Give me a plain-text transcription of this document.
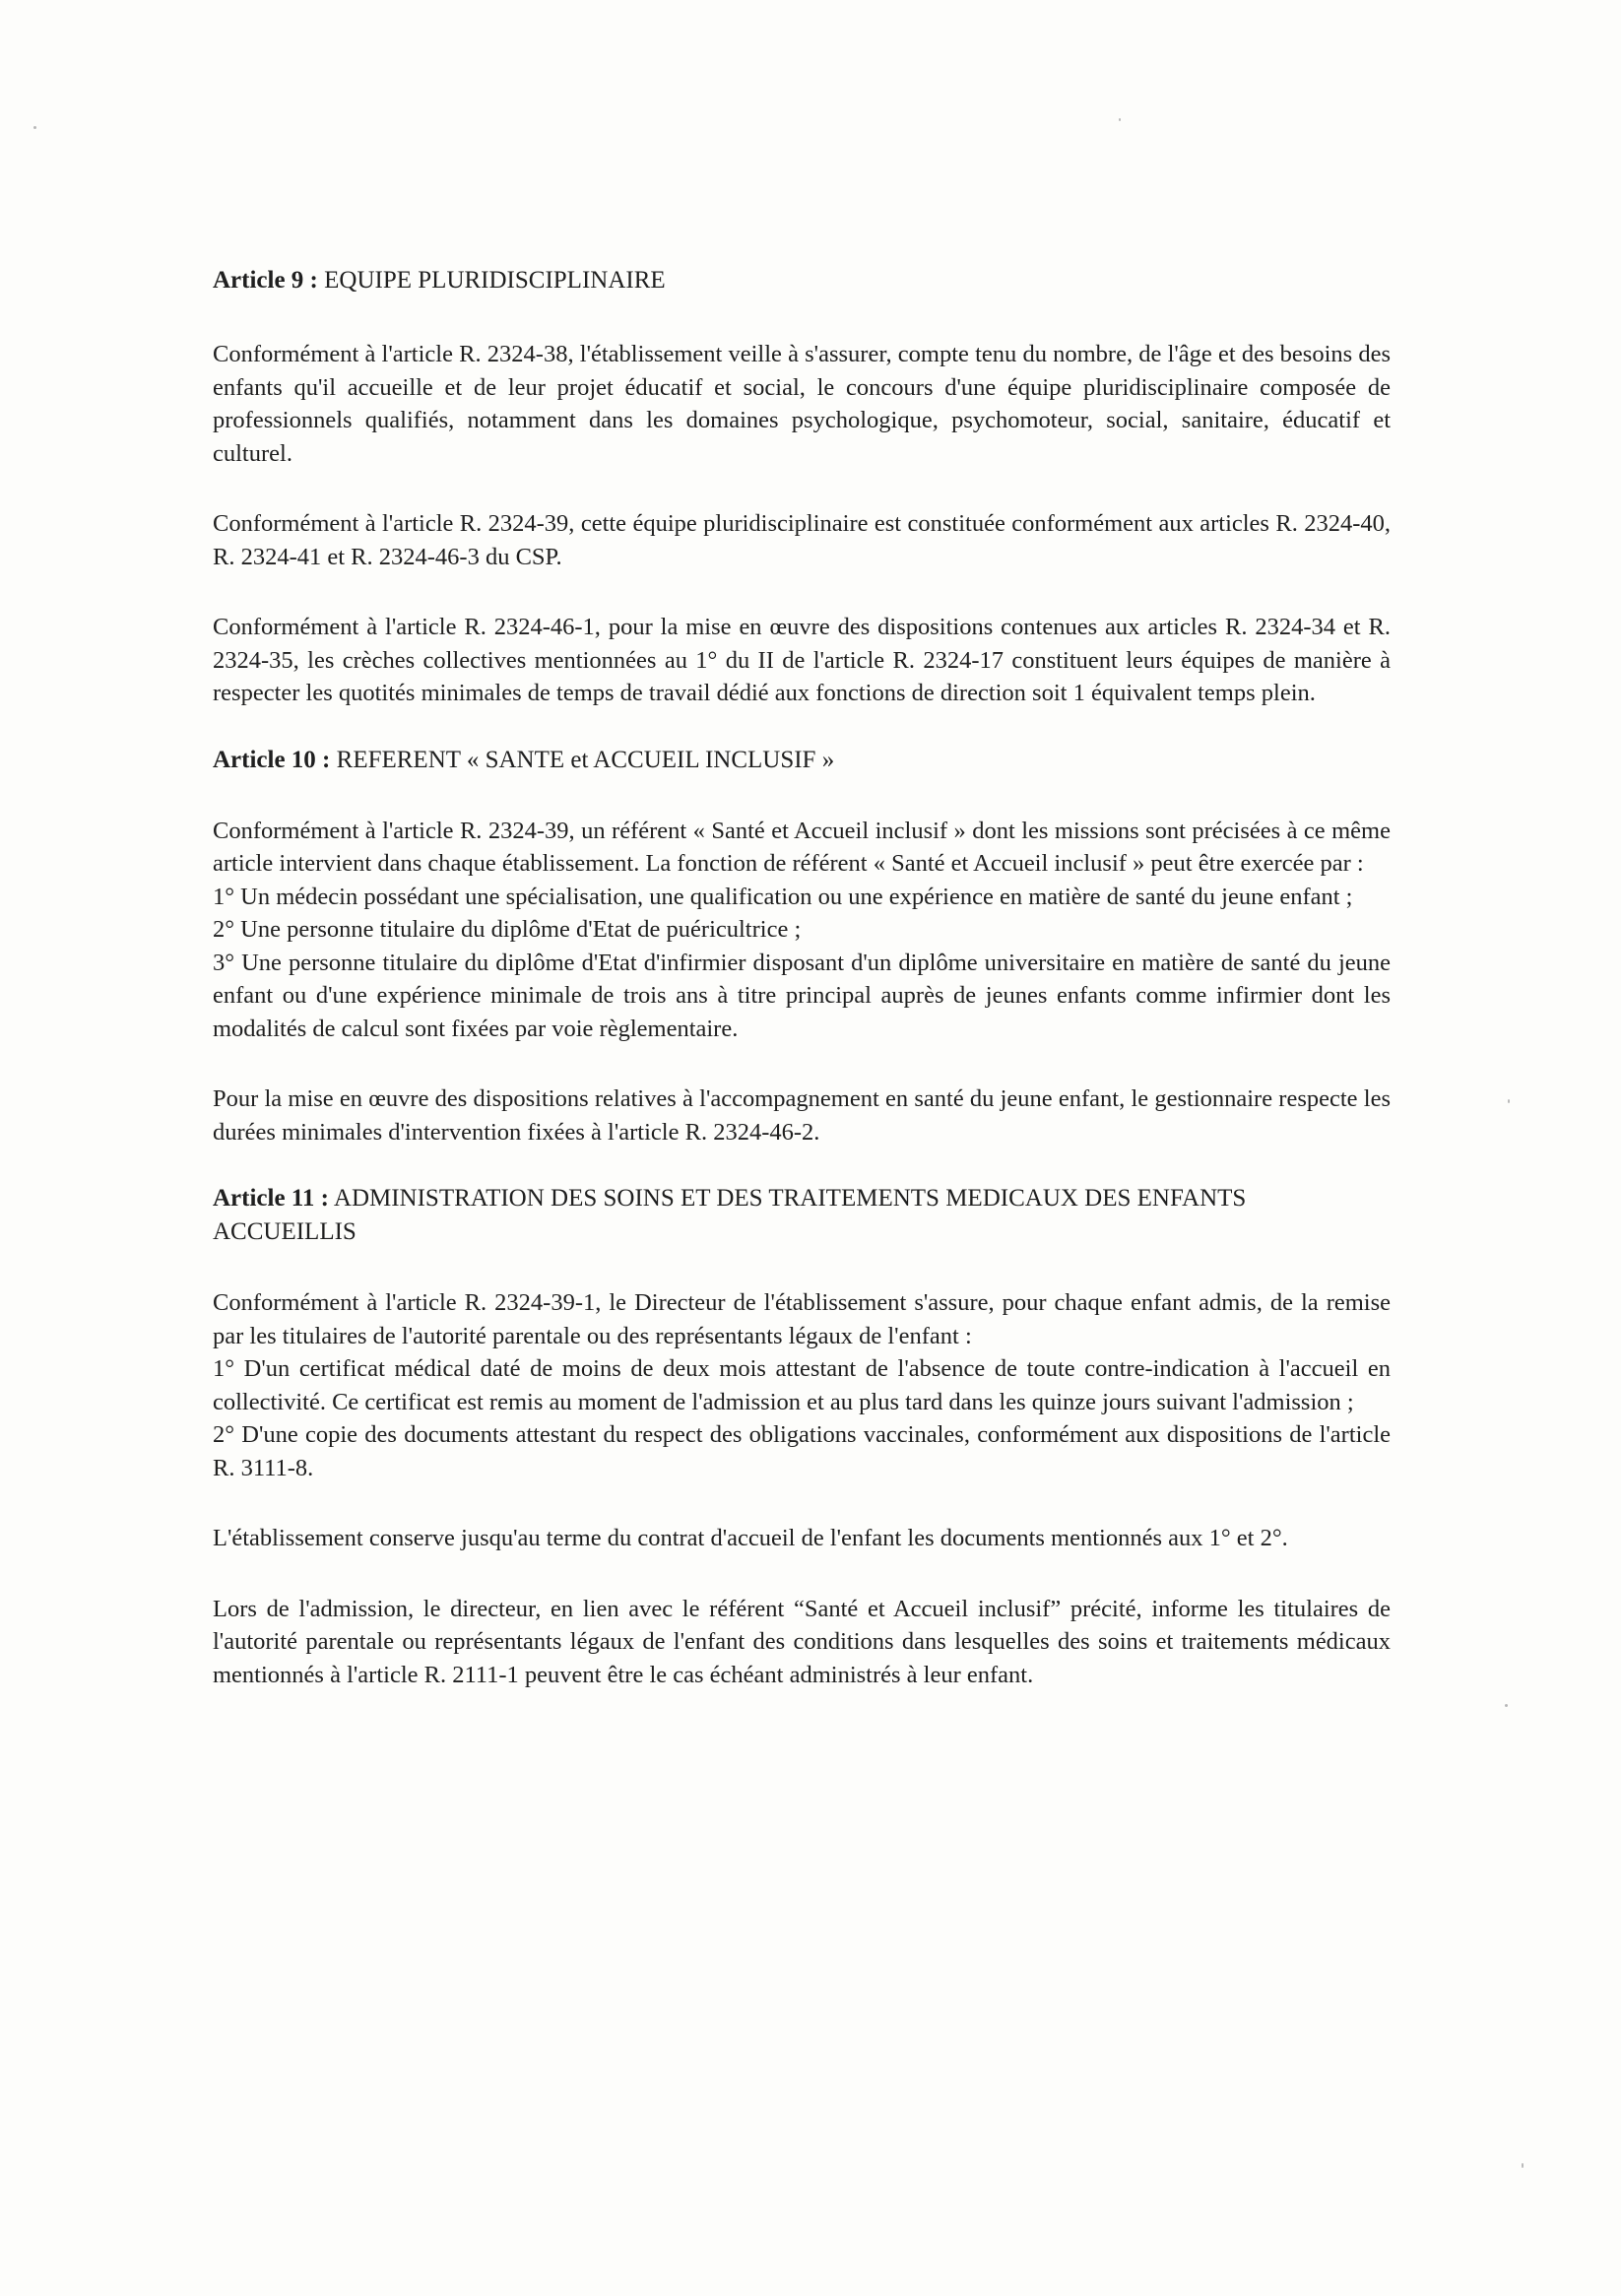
Article 9 : EQUIPE PLURIDISCIPLINAIRE

Conformément à l'article R. 2324-38, l'établissement veille à s'assurer, compte tenu du nombre, de l'âge et des besoins des enfants qu'il accueille et de leur projet éducatif et social, le concours d'une équipe pluridisciplinaire composée de professionnels qualifiés, notamment dans les domaines psychologique, psychomoteur, social, sanitaire, éducatif et culturel.

Conformément à l'article R. 2324-39, cette équipe pluridisciplinaire est constituée conformément aux articles R. 2324-40, R. 2324-41 et R. 2324-46-3 du CSP.

Conformément à l'article R. 2324-46-1, pour la mise en œuvre des dispositions contenues aux articles R. 2324-34 et R. 2324-35, les crèches collectives mentionnées au 1° du II de l'article R. 2324-17 constituent leurs équipes de manière à respecter les quotités minimales de temps de travail dédié aux fonctions de direction soit 1 équivalent temps plein.

Article 10 : REFERENT « SANTE et ACCUEIL INCLUSIF »

Conformément à l'article R. 2324-39, un référent « Santé et Accueil inclusif » dont les missions sont précisées à ce même article intervient dans chaque établissement. La fonction de référent « Santé et Accueil inclusif » peut être exercée par :

1° Un médecin possédant une spécialisation, une qualification ou une expérience en matière de santé du jeune enfant ;

2° Une personne titulaire du diplôme d'Etat de puéricultrice ;

3° Une personne titulaire du diplôme d'Etat d'infirmier disposant d'un diplôme universitaire en matière de santé du jeune enfant ou d'une expérience minimale de trois ans à titre principal auprès de jeunes enfants comme infirmier dont les modalités de calcul sont fixées par voie règlementaire.

Pour la mise en œuvre des dispositions relatives à l'accompagnement en santé du jeune enfant, le gestionnaire respecte les durées minimales d'intervention fixées à l'article R. 2324-46-2.

Article 11 : ADMINISTRATION DES SOINS ET DES TRAITEMENTS MEDICAUX DES ENFANTS ACCUEILLIS

Conformément à l'article R. 2324-39-1, le Directeur de l'établissement s'assure, pour chaque enfant admis, de la remise par les titulaires de l'autorité parentale ou des représentants légaux de l'enfant :

1° D'un certificat médical daté de moins de deux mois attestant de l'absence de toute contre-indication à l'accueil en collectivité. Ce certificat est remis au moment de l'admission et au plus tard dans les quinze jours suivant l'admission ;

2° D'une copie des documents attestant du respect des obligations vaccinales, conformément aux dispositions de l'article R. 3111-8.

L'établissement conserve jusqu'au terme du contrat d'accueil de l'enfant les documents mentionnés aux 1° et 2°.

Lors de l'admission, le directeur, en lien avec le référent “Santé et Accueil inclusif” précité, informe les titulaires de l'autorité parentale ou représentants légaux de l'enfant des conditions dans lesquelles des soins et traitements médicaux mentionnés à l'article R. 2111-1 peuvent être le cas échéant administrés à leur enfant.
